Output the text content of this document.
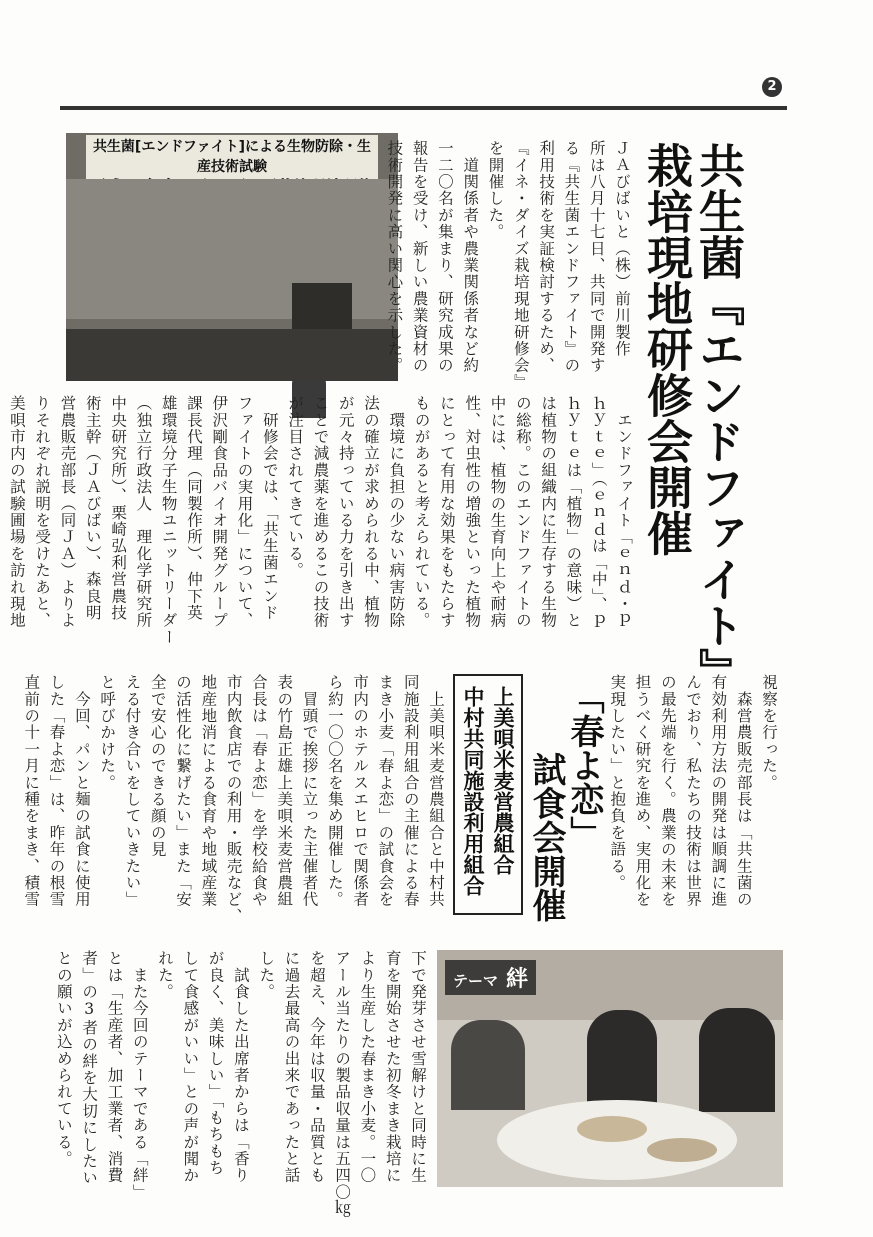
2
共生菌『エンドファイト』
栽培現地研修会開催
共生菌[エンドファイト]による生物防除・生産技術試験	ＪＡびばいと（株）前川製作
所は八月十七日、共同で開発す
る『共生菌エンドファイト』の
利用技術を実証検討するため、
『イネ・ダイズ栽培現地研修会』
を開催した。
　道関係者や農業関係者など約
一二〇名が集まり、研究成果の
報告を受け、新しい農業資材の
技術開発に高い関心を示した。
　エンドファイト「ｅｎｄ・ｐ
ｈｙｔｅ」（ｅｎｄは「中」、ｐ
ｈｙｔｅは「植物」の意味）と
は植物の組織内に生存する生物
の総称。このエンドファイトの
中には、植物の生育向上や耐病
性、対虫性の増強といった植物
にとって有用な効果をもたらす
ものがあると考えられている。
　環境に負担の少ない病害防除
法の確立が求められる中、植物
が元々持っている力を引き出す
ことで減農薬を進めるこの技術
が注目されてきている。
　研修会では、「共生菌エンド
ファイトの実用化」について、
伊沢剛食品バイオ開発グループ
課長代理（同製作所）、仲下英
雄環境分子生物ユニットリーダー
（独立行政法人　理化学研究所
中央研究所）、栗崎弘利営農技
術主幹（ＪＡびばい）、森良明
営農販売部長（同ＪＡ）よりよ
りそれぞれ説明を受けたあと、
美唄市内の試験圃場を訪れ現地
視察を行った。
　森営農販売部長は「共生菌の
有効利用方法の開発は順調に進
んでおり、私たちの技術は世界
の最先端を行く。農業の未来を
担うべく研究を進め、実用化を
実現したい」と抱負を語る。
「春よ恋」
試食会開催
上美唄米麦営農組合
中村共同施設利用組合
　上美唄米麦営農組合と中村共
同施設利用組合の主催による春
まき小麦「春よ恋」の試食会を
市内のホテルスエヒロで関係者
ら約一〇〇名を集め開催した。
　冒頭で挨拶に立った主催者代
表の竹島正雄上美唄米麦営農組
合長は「春よ恋」を学校給食や
市内飲食店での利用・販売など、
地産地消による食育や地域産業
の活性化に繋げたい」また「安
全で安心のできる顔の見
える付き合いをしていきたい」
と呼びかけた。
　今回、パンと麺の試食に使用
した「春よ恋」は、昨年の根雪
直前の十一月に種をまき、積雪
テーマ 絆
下で発芽させ雪解けと同時に生
育を開始させた初冬まき栽培に
より生産した春まき小麦。一〇
アール当たりの製品収量は五四〇㎏
を超え、今年は収量・品質とも
に過去最高の出来であったと話
した。
　試食した出席者からは「香り
が良く、美味しい」「もちもち
して食感がいい」との声が聞か
れた。
　また今回のテーマである「絆」
とは「生産者、加工業者、消費
者」の3者の絆を大切にしたい
との願いが込められている。
